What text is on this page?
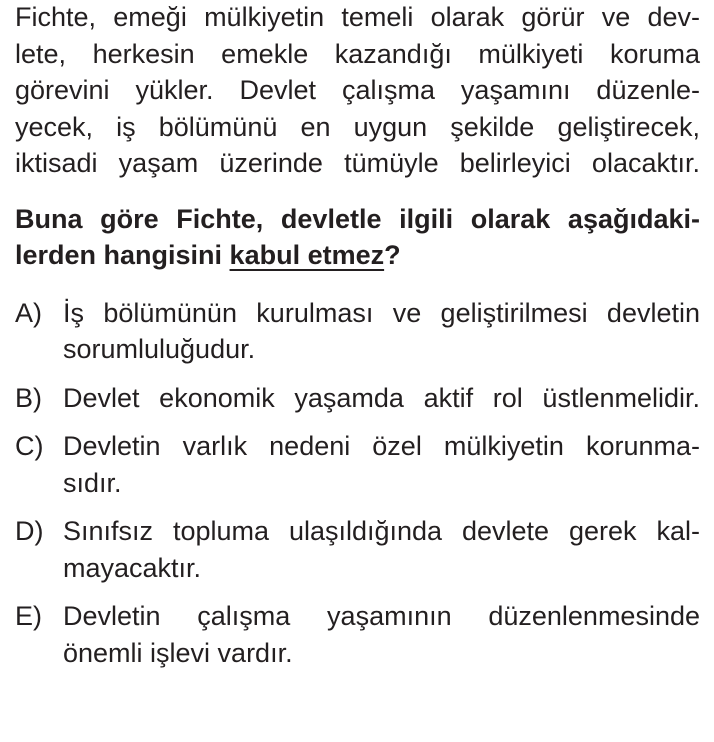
Fichte, emeği mülkiyetin temeli olarak görür ve dev-
lete, herkesin emekle kazandığı mülkiyeti koruma
görevini yükler. Devlet çalışma yaşamını düzenle-
yecek, iş bölümünü en uygun şekilde geliştirecek,
iktisadi yaşam üzerinde tümüyle belirleyici olacaktır.
Buna göre Fichte, devletle ilgili olarak aşağıdaki-
lerden hangisini kabul etmez?
A) İş bölümünün kurulması ve geliştirilmesi devletin
sorumluluğudur.
B) Devlet ekonomik yaşamda aktif rol üstlenmelidir.
C) Devletin varlık nedeni özel mülkiyetin korunma-
sıdır.
D) Sınıfsız topluma ulaşıldığında devlete gerek kal-
mayacaktır.
E) Devletin çalışma yaşamının düzenlenmesinde
önemli işlevi vardır.
